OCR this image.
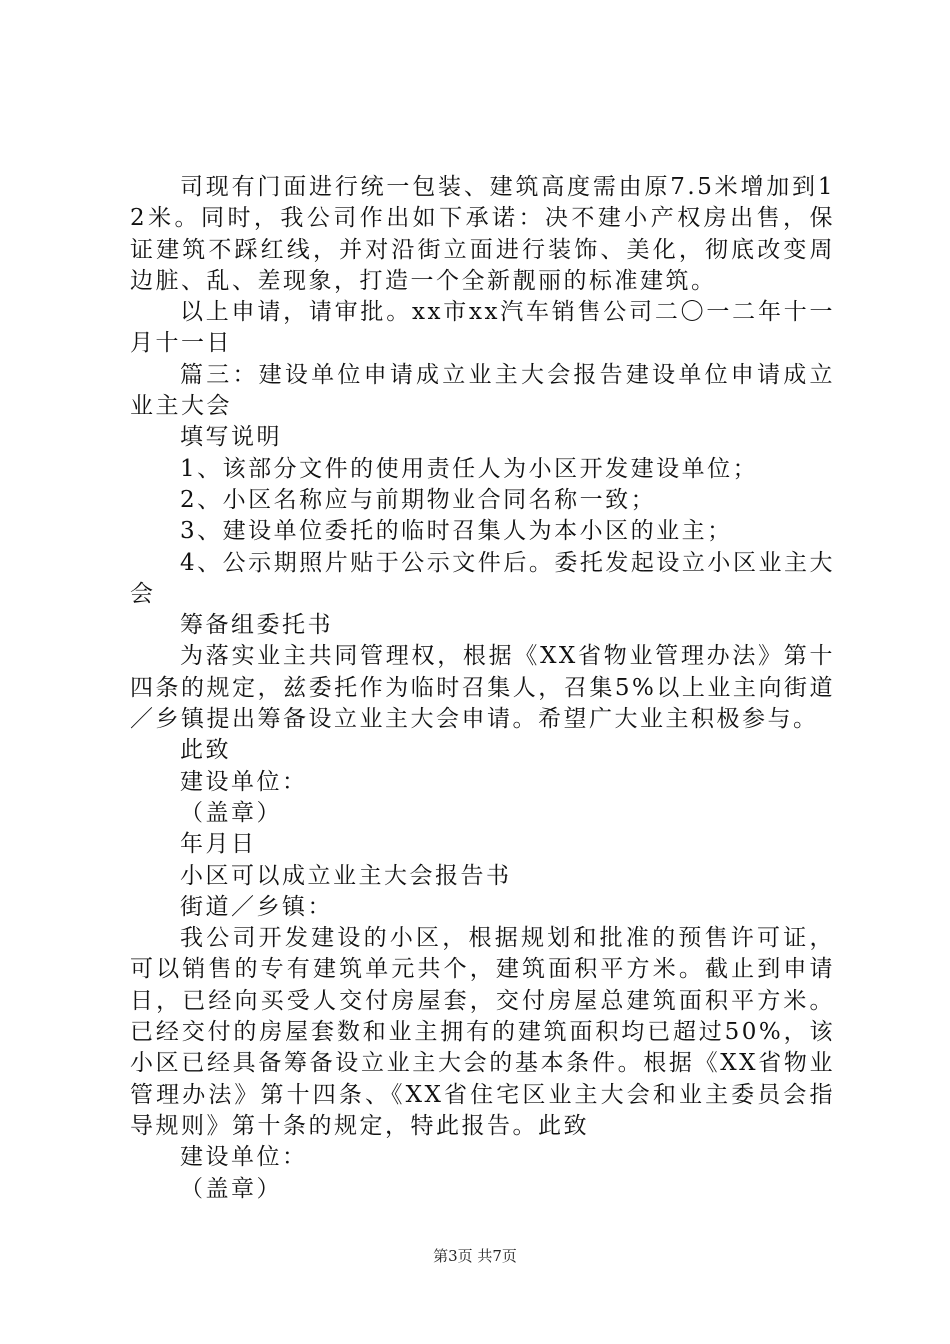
司现有门面进行统一包装、建筑高度需由原7.5米增加到12米。同时，我公司作出如下承诺：决不建小产权房出售，保证建筑不踩红线，并对沿街立面进行装饰、美化，彻底改变周边脏、乱、差现象，打造一个全新靓丽的标准建筑。

以上申请，请审批。xx市xx汽车销售公司二〇一二年十一月十一日

篇三：建设单位申请成立业主大会报告建设单位申请成立业主大会

填写说明

1、该部分文件的使用责任人为小区开发建设单位；

2、小区名称应与前期物业合同名称一致；

3、建设单位委托的临时召集人为本小区的业主；

4、公示期照片贴于公示文件后。委托发起设立小区业主大会

筹备组委托书

为落实业主共同管理权，根据《XX省物业管理办法》第十四条的规定，兹委托作为临时召集人，召集5%以上业主向街道／乡镇提出筹备设立业主大会申请。希望广大业主积极参与。

此致

建设单位：

（盖章）

年月日

小区可以成立业主大会报告书

街道／乡镇：

我公司开发建设的小区，根据规划和批准的预售许可证，可以销售的专有建筑单元共个，建筑面积平方米。截止到申请日，已经向买受人交付房屋套，交付房屋总建筑面积平方米。已经交付的房屋套数和业主拥有的建筑面积均已超过50%，该小区已经具备筹备设立业主大会的基本条件。根据《XX省物业管理办法》第十四条、《XX省住宅区业主大会和业主委员会指导规则》第十条的规定，特此报告。此致

建设单位：

（盖章）

第3页 共7页
